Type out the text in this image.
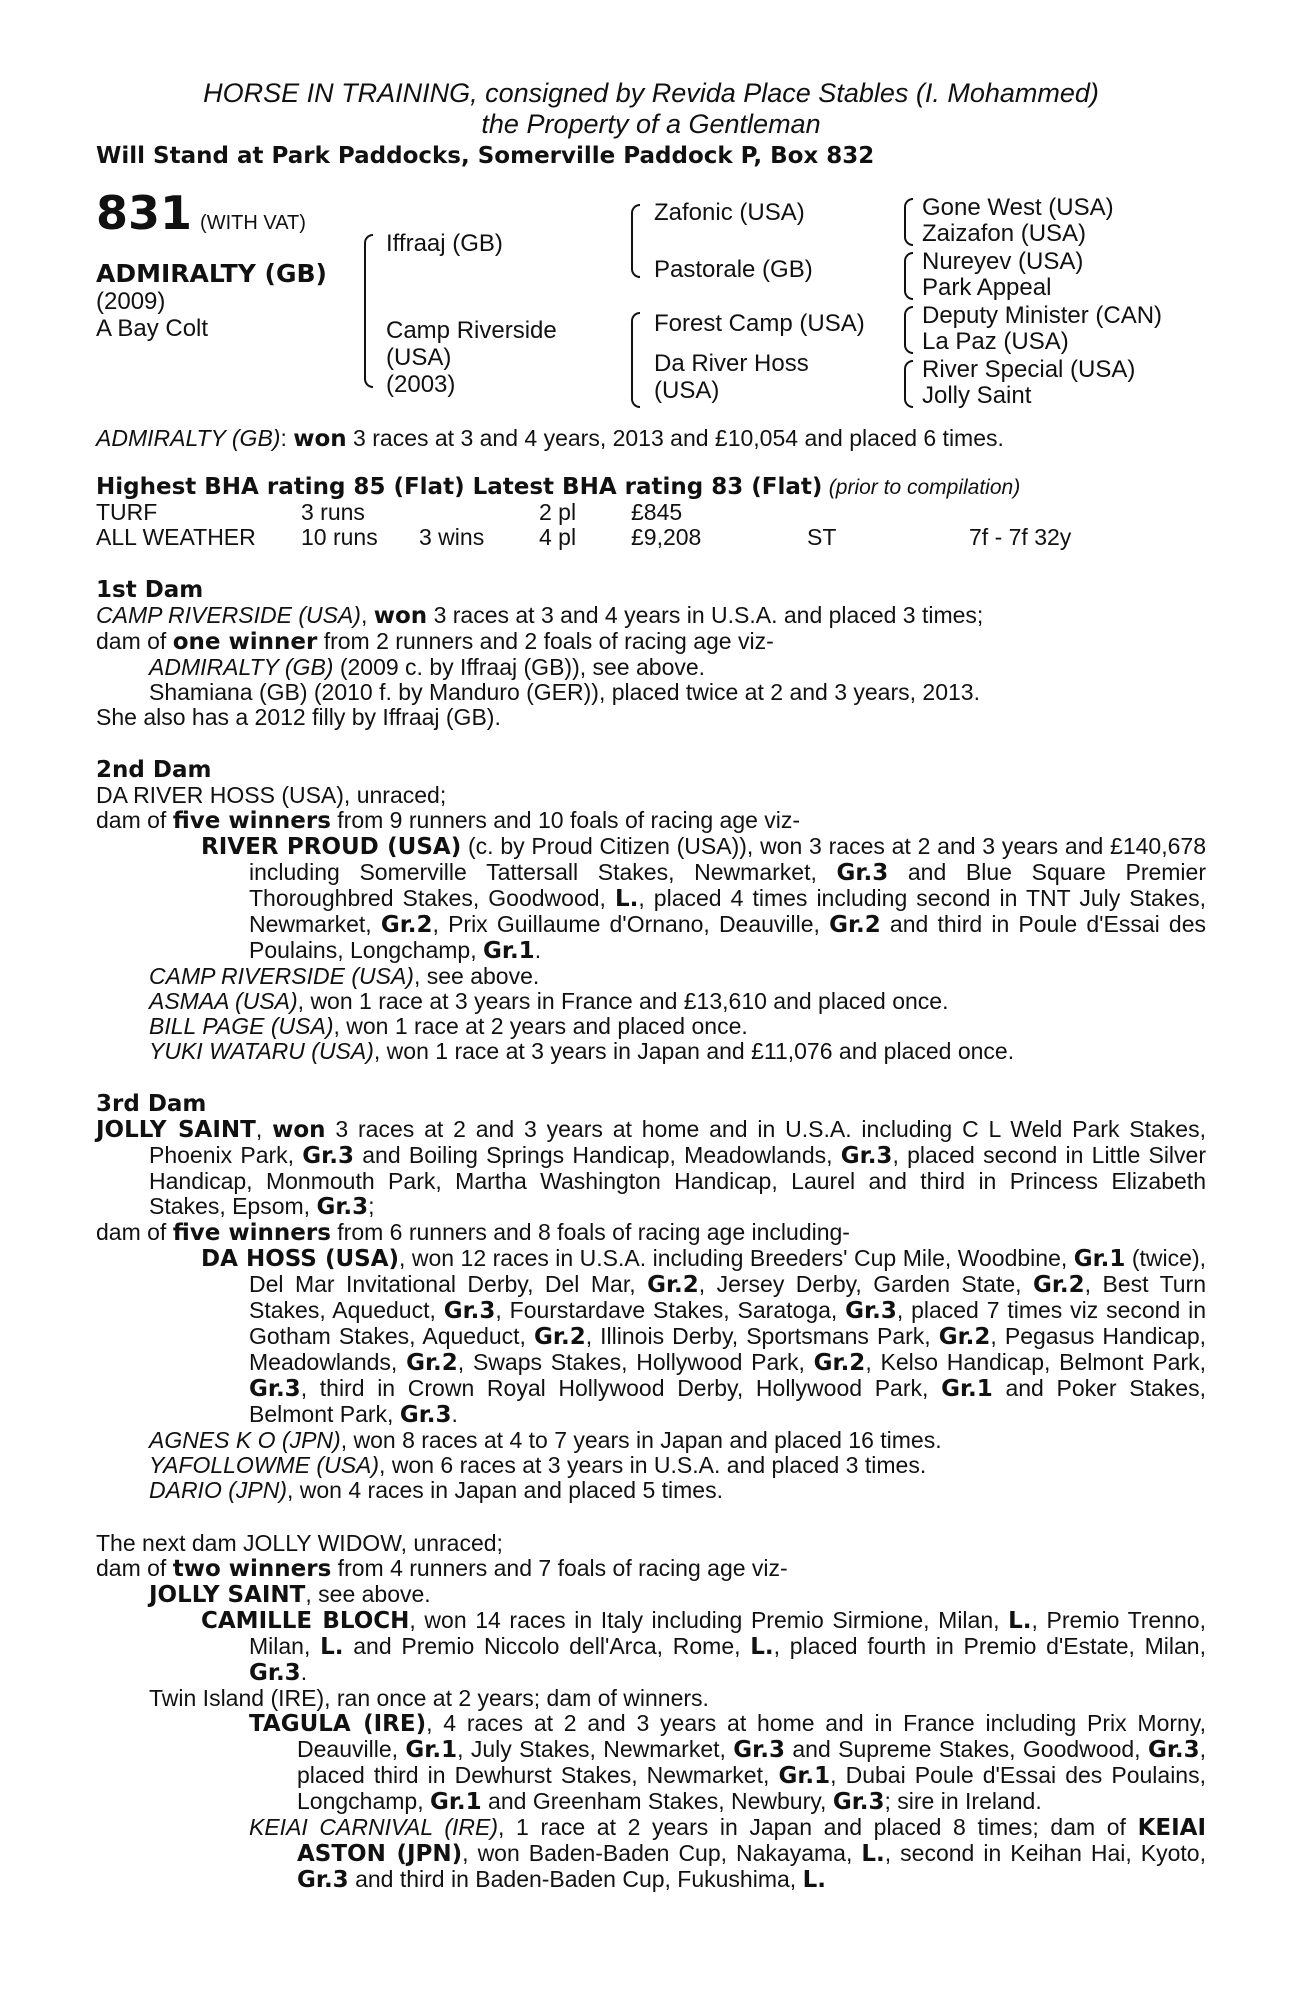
HORSE IN TRAINING, consigned by Revida Place Stables (I. Mohammed)
the Property of a Gentleman
Will Stand at Park Paddocks, Somerville Paddock P, Box 832
831 (WITH VAT)
ADMIRALTY (GB)
(2009)
A Bay Colt
Iffraaj (GB)
Camp Riverside
(USA)
(2003)
Zafonic (USA)
Pastorale (GB)
Forest Camp (USA)
Da River Hoss
(USA)
Gone West (USA)
Zaizafon (USA)
Nureyev (USA)
Park Appeal
Deputy Minister (CAN)
La Paz (USA)
River Special (USA)
Jolly Saint
ADMIRALTY (GB): won 3 races at 3 and 4 years, 2013 and £10,054 and placed 6 times.
Highest BHA rating 85 (Flat) Latest BHA rating 83 (Flat) (prior to compilation)
TURF	3 runs		2 pl	£845		
ALL WEATHER	10 runs	3 wins	4 pl	£9,208	ST	7f - 7f 32y
1st Dam
CAMP RIVERSIDE (USA), won 3 races at 3 and 4 years in U.S.A. and placed 3 times;
dam of one winner from 2 runners and 2 foals of racing age viz-
ADMIRALTY (GB) (2009 c. by Iffraaj (GB)), see above.
Shamiana (GB) (2010 f. by Manduro (GER)), placed twice at 2 and 3 years, 2013.
She also has a 2012 filly by Iffraaj (GB).
2nd Dam
DA RIVER HOSS (USA), unraced;
dam of five winners from 9 runners and 10 foals of racing age viz-
RIVER PROUD (USA) (c. by Proud Citizen (USA)), won 3 races at 2 and 3 years and £140,678 including Somerville Tattersall Stakes, Newmarket, Gr.3 and Blue Square Premier Thoroughbred Stakes, Goodwood, L., placed 4 times including second in TNT July Stakes, Newmarket, Gr.2, Prix Guillaume d'Ornano, Deauville, Gr.2 and third in Poule d'Essai des Poulains, Longchamp, Gr.1.
CAMP RIVERSIDE (USA), see above.
ASMAA (USA), won 1 race at 3 years in France and £13,610 and placed once.
BILL PAGE (USA), won 1 race at 2 years and placed once.
YUKI WATARU (USA), won 1 race at 3 years in Japan and £11,076 and placed once.
3rd Dam
JOLLY SAINT, won 3 races at 2 and 3 years at home and in U.S.A. including C L Weld Park Stakes, Phoenix Park, Gr.3 and Boiling Springs Handicap, Meadowlands, Gr.3, placed second in Little Silver Handicap, Monmouth Park, Martha Washington Handicap, Laurel and third in Princess Elizabeth Stakes, Epsom, Gr.3;
dam of five winners from 6 runners and 8 foals of racing age including-
DA HOSS (USA), won 12 races in U.S.A. including Breeders' Cup Mile, Woodbine, Gr.1 (twice), Del Mar Invitational Derby, Del Mar, Gr.2, Jersey Derby, Garden State, Gr.2, Best Turn Stakes, Aqueduct, Gr.3, Fourstardave Stakes, Saratoga, Gr.3, placed 7 times viz second in Gotham Stakes, Aqueduct, Gr.2, Illinois Derby, Sportsmans Park, Gr.2, Pegasus Handicap, Meadowlands, Gr.2, Swaps Stakes, Hollywood Park, Gr.2, Kelso Handicap, Belmont Park, Gr.3, third in Crown Royal Hollywood Derby, Hollywood Park, Gr.1 and Poker Stakes, Belmont Park, Gr.3.
AGNES K O (JPN), won 8 races at 4 to 7 years in Japan and placed 16 times.
YAFOLLOWME (USA), won 6 races at 3 years in U.S.A. and placed 3 times.
DARIO (JPN), won 4 races in Japan and placed 5 times.
The next dam JOLLY WIDOW, unraced;
dam of two winners from 4 runners and 7 foals of racing age viz-
JOLLY SAINT, see above.
CAMILLE BLOCH, won 14 races in Italy including Premio Sirmione, Milan, L., Premio Trenno, Milan, L. and Premio Niccolo dell'Arca, Rome, L., placed fourth in Premio d'Estate, Milan, Gr.3.
Twin Island (IRE), ran once at 2 years; dam of winners.
TAGULA (IRE), 4 races at 2 and 3 years at home and in France including Prix Morny, Deauville, Gr.1, July Stakes, Newmarket, Gr.3 and Supreme Stakes, Goodwood, Gr.3, placed third in Dewhurst Stakes, Newmarket, Gr.1, Dubai Poule d'Essai des Poulains, Longchamp, Gr.1 and Greenham Stakes, Newbury, Gr.3; sire in Ireland.
KEIAI CARNIVAL (IRE), 1 race at 2 years in Japan and placed 8 times; dam of KEIAI ASTON (JPN), won Baden-Baden Cup, Nakayama, L., second in Keihan Hai, Kyoto, Gr.3 and third in Baden-Baden Cup, Fukushima, L.
